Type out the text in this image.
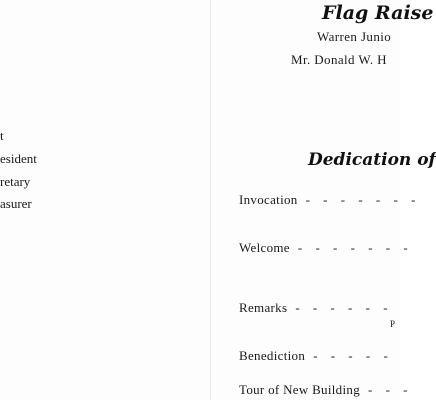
Flag Raise
Warren Junio
Mr. Donald W. H
t
esident
retary
asurer
Dedication of
Invocation - - - - - - -
Welcome - - - - - - -
Remarks - - - - - -
P
Benediction - - - - -
Tour of New Building - - -
